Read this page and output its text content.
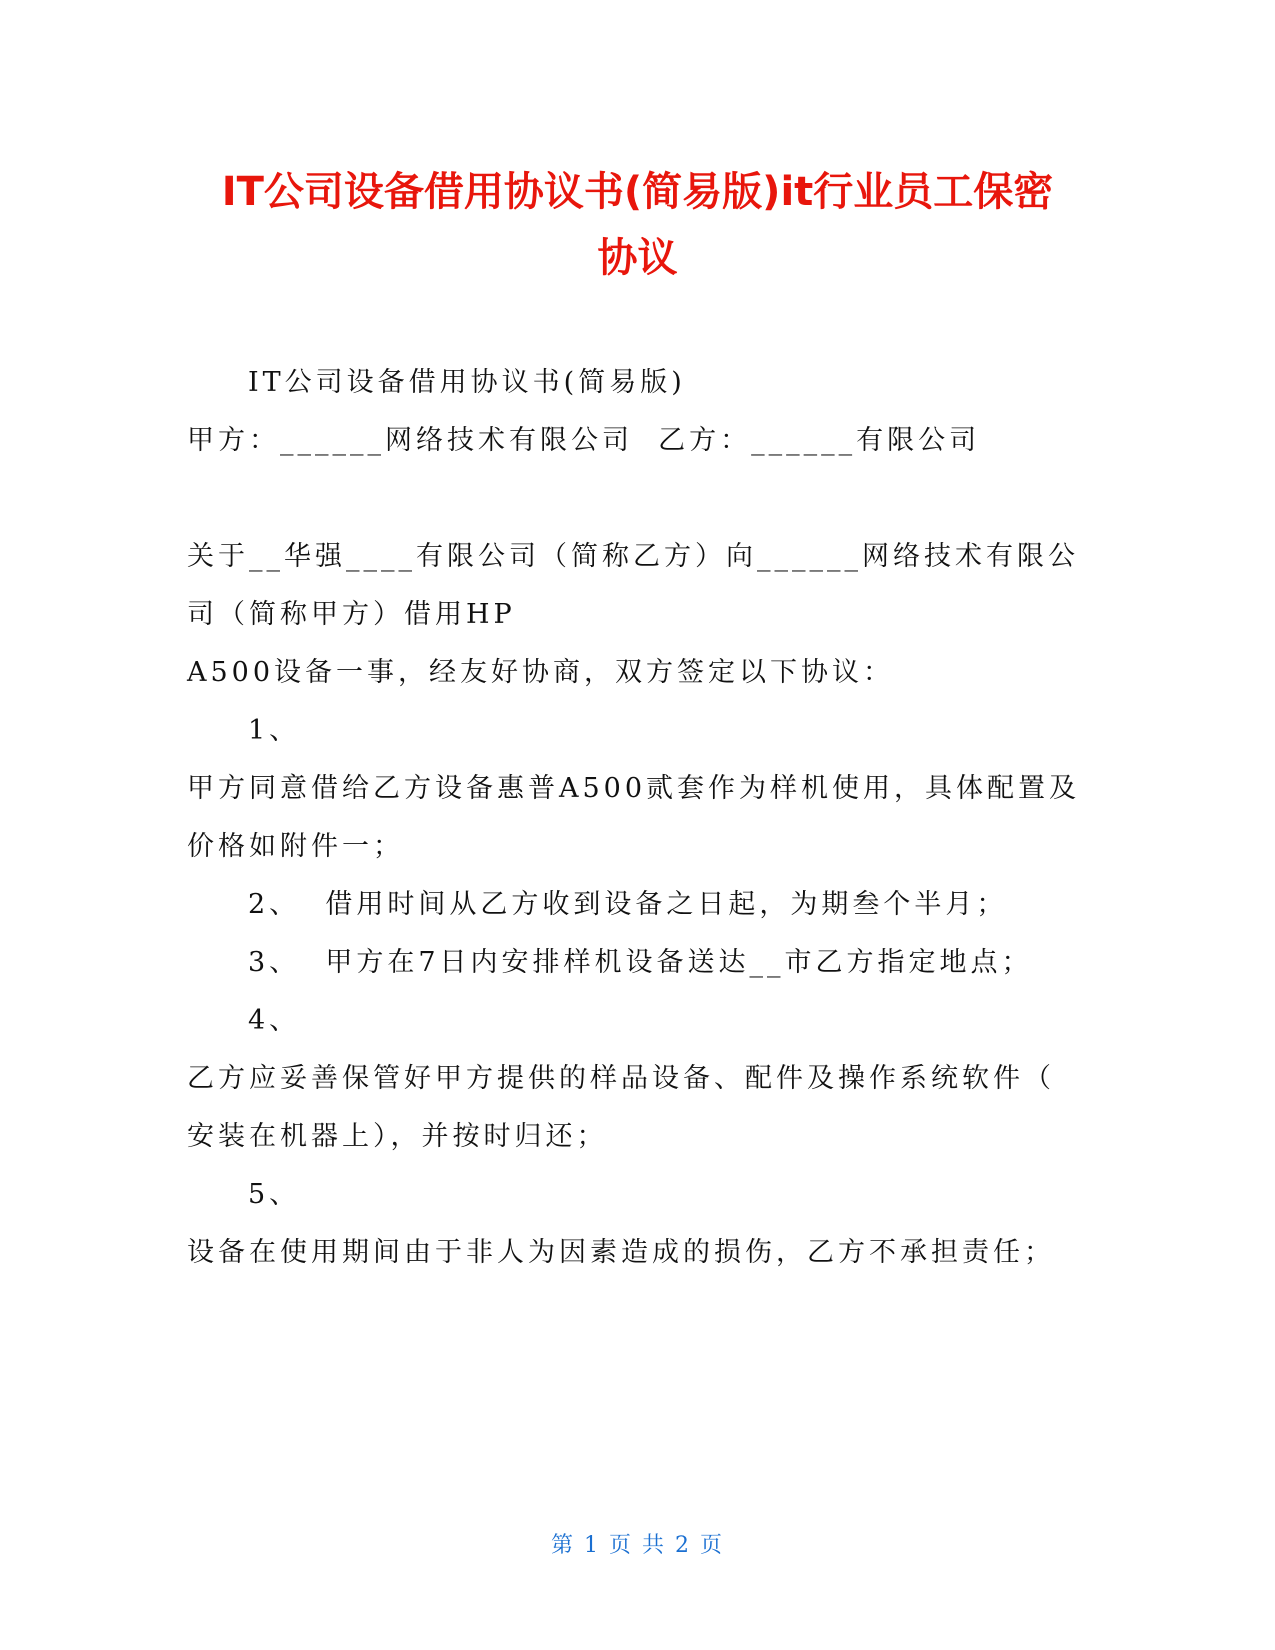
IT公司设备借用协议书(简易版)it行业员工保密
协议

IT公司设备借用协议书(简易版)

甲方：______网络技术有限公司  乙方：______有限公司

关于__华强____有限公司（简称乙方）向______网络技术有限公

司（简称甲方）借用HP

A500设备一事，经友好协商，双方签定以下协议：

1、

甲方同意借给乙方设备惠普A500贰套作为样机使用，具体配置及

价格如附件一；

2、  借用时间从乙方收到设备之日起，为期叁个半月；

3、  甲方在7日内安排样机设备送达__市乙方指定地点；

4、

乙方应妥善保管好甲方提供的样品设备、配件及操作系统软件（

安装在机器上），并按时归还；

5、

设备在使用期间由于非人为因素造成的损伤，乙方不承担责任；

第 1 页 共 2 页
